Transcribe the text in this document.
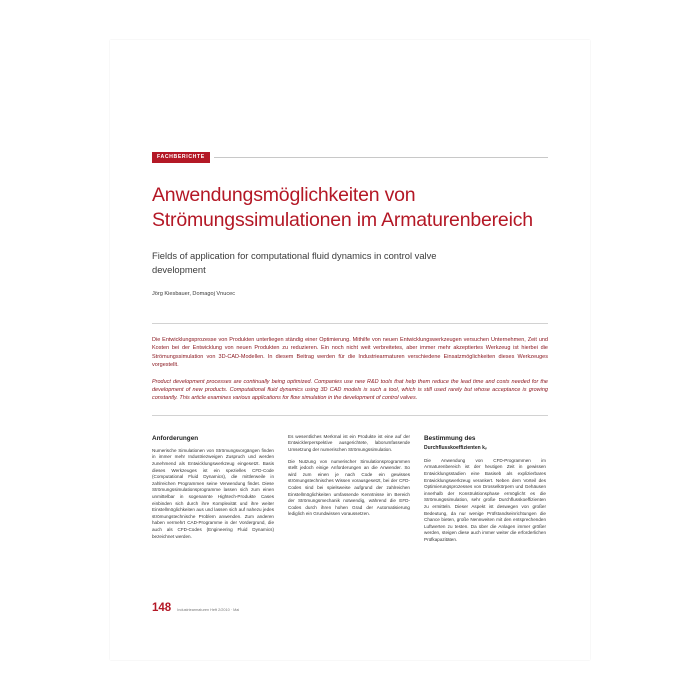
FACHBERICHTE
Anwendungsmöglichkeiten von Strömungssimulationen im Armaturenbereich
Fields of application for computational fluid dynamics in control valve development
Jörg Kiesbauer, Domagoj Vnucec

Die Entwicklungsprozesse von Produkten unterliegen ständig einer Optimierung. Mithilfe von neuen Entwicklungswerkzeugen versuchen Unternehmen, Zeit und Kosten bei der Entwicklung von neuen Produkten zu reduzieren. Ein noch nicht weit verbreitetes, aber immer mehr akzeptiertes Werkzeug ist hierbei die Strömungssimulation von 3D-CAD-Modellen. In diesem Beitrag werden für die Industriearmaturen verschiedene Einsatzmöglichkeiten dieses Werkzeuges vorgestellt.

Product development processes are continually being optimized. Companies use new R&D tools that help them reduce the lead time and costs needed for the development of new products. Computational fluid dynamics using 3D CAD models is such a tool, which is still used rarely but whose acceptance is growing constantly. This article examines various applications for flow simulation in the development of control valves.

Anforderungen

Numerische Simulationen von Strömungsvorgängen finden in immer mehr Industriezweigen Zuspruch und werden zunehmend als Entwicklungswerkzeug eingesetzt. Basis dieses Werkzeuges ist ein spezielles CFD-Code (Computational Fluid Dynamics), die mittlerweile in zahlreichen Programmen seine Verwendung findet. Diese Strömungssimulationsprogramme lassen sich zum einen unmittelbar in sogenannte Hightech-Produkte Cases einbinden sich durch ihre Komplexität und ihre weiter Einstellmöglichkeiten aus und lassen sich auf nahezu jedes strömungstechnische Problem anwenden. Zum anderen haben vermehrt CAD-Programme in der Vordergrund, die auch als CFD-Codes (Engineering Fluid Dynamics) bezeichnet werden.

Es wesentliches Merkmal ist ein Produkte ist eine auf der Entwicklerperspektive ausgerichtete, laborumfassende Umsetzung der numerischen Strömungssimulation.

Die Nutzung von numerischer Simulationsprogrammen stellt jedoch einige Anforderungen an die Anwender. So wird zum einen je nach Code ein gewisses strömungstechnisches Wissen vorausgesetzt, bei der CFD-Codes sind bei spielsweise aufgrund der zahlreichen Einstellmöglichkeiten umfassende Kenntnisse im Bereich der Strömungsmechanik notwendig, während die EFD-Codes durch ihren hohen Grad der Automatisierung lediglich ein Grundwissen voraussetzen.

Bestimmung des
Durchflusskoeffizienten kᵥ

Die Anwendung von CFD-Programmen im Armaturenbereich ist der heutigen Zeit in gewissen Entwicklungsstadien eine Basiseb als explizierbares Entwicklungswerkzeug verankert. Neben dem Vorteil des Optimierungsprozesses von Drosselkörpern und Gehäusen innerhalb der Konstruktionsphase ermöglicht es die Strömungssimulation, sehr große Durchflusskoeffizienten zu ermitteln. Dieser Aspekt ist deswegen von großer Bedeutung, da nur wenige Prüfstandseinrichtungen die Chance bieten, große Nennweiten mit den entsprechenden Luftwerten zu testen. Da über die Anlagen immer größer werden, steigen diese auch immer weiter die erforderlichen Prüfkapazitäten.

148 Industriearmaturen Heft 2/2010 · Mai
